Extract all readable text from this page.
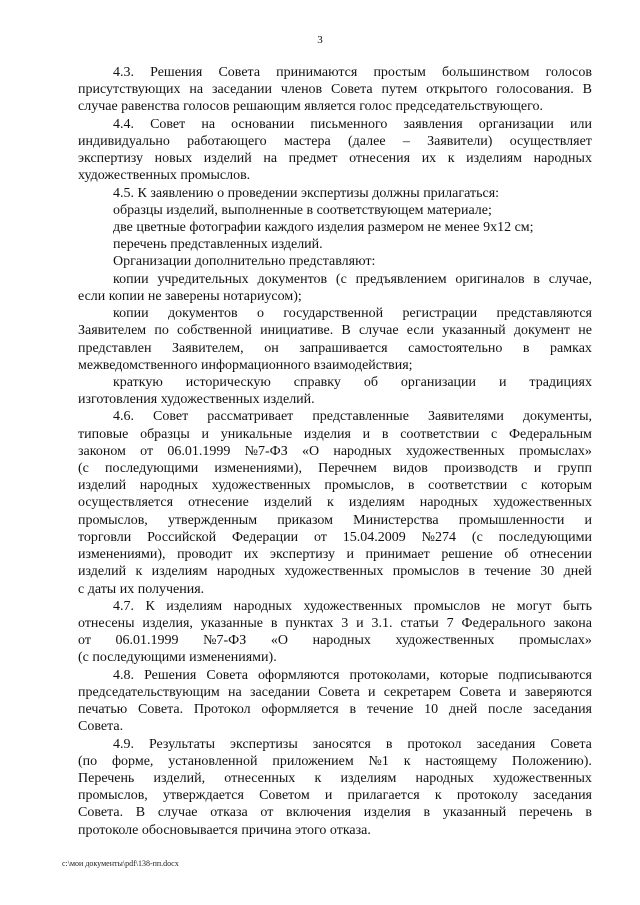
3
4.3. Решения Совета принимаются простым большинством голосов
присутствующих на заседании членов Совета путем открытого голосования. В
случае равенства голосов решающим является голос председательствующего.
4.4. Совет на основании письменного заявления организации или
индивидуально работающего мастера (далее – Заявители) осуществляет
экспертизу новых изделий на предмет отнесения их к изделиям народных
художественных промыслов.
4.5. К заявлению о проведении экспертизы должны прилагаться:
образцы изделий, выполненные в соответствующем материале;
две цветные фотографии каждого изделия размером не менее 9х12 см;
перечень представленных изделий.
Организации дополнительно представляют:
копии учредительных документов (с предъявлением оригиналов в случае,
если копии не заверены нотариусом);
копии документов о государственной регистрации представляются
Заявителем по собственной инициативе. В случае если указанный документ не
представлен Заявителем, он запрашивается самостоятельно в рамках
межведомственного информационного взаимодействия;
краткую историческую справку об организации и традициях
изготовления художественных изделий.
4.6. Совет рассматривает представленные Заявителями документы,
типовые образцы и уникальные изделия и в соответствии с Федеральным
законом от 06.01.1999 №7-ФЗ «О народных художественных промыслах»
(с последующими изменениями), Перечнем видов производств и групп
изделий народных художественных промыслов, в соответствии с которым
осуществляется отнесение изделий к изделиям народных художественных
промыслов, утвержденным приказом Министерства промышленности и
торговли Российской Федерации от 15.04.2009 №274 (с последующими
изменениями), проводит их экспертизу и принимает решение об отнесении
изделий к изделиям народных художественных промыслов в течение 30 дней
с даты их получения.
4.7. К изделиям народных художественных промыслов не могут быть
отнесены изделия, указанные в пунктах 3 и 3.1. статьи 7 Федерального закона
от 06.01.1999 №7-ФЗ «О народных художественных промыслах»
(с последующими изменениями).
4.8. Решения Совета оформляются протоколами, которые подписываются
председательствующим на заседании Совета и секретарем Совета и заверяются
печатью Совета. Протокол оформляется в течение 10 дней после заседания
Совета.
4.9. Результаты экспертизы заносятся в протокол заседания Совета
(по форме, установленной приложением №1 к настоящему Положению).
Перечень изделий, отнесенных к изделиям народных художественных
промыслов, утверждается Советом и прилагается к протоколу заседания
Совета. В случае отказа от включения изделия в указанный перечень в
протоколе обосновывается причина этого отказа.
c:\мои документы\pdf\138-пп.docx
